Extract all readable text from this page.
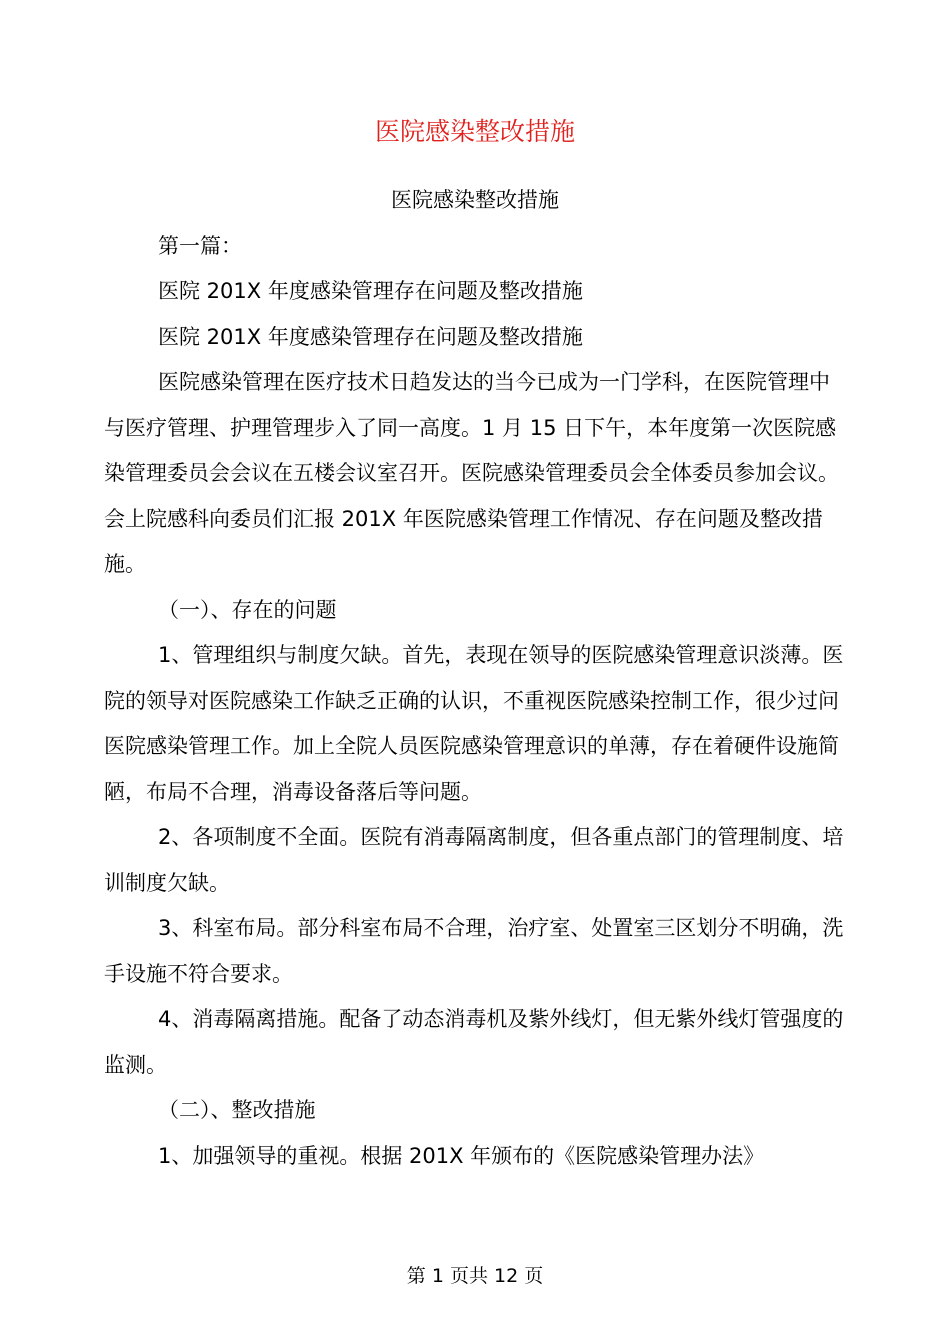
医院感染整改措施

医院感染整改措施

第一篇：

医院 201X 年度感染管理存在问题及整改措施

医院 201X 年度感染管理存在问题及整改措施

医院感染管理在医疗技术日趋发达的当今已成为一门学科，在医院管理中与医疗管理、护理管理步入了同一高度。1 月 15 日下午，本年度第一次医院感染管理委员会会议在五楼会议室召开。医院感染管理委员会全体委员参加会议。会上院感科向委员们汇报 201X 年医院感染管理工作情况、存在问题及整改措施。

（一）、存在的问题

1、管理组织与制度欠缺。首先，表现在领导的医院感染管理意识淡薄。医院的领导对医院感染工作缺乏正确的认识，不重视医院感染控制工作，很少过问医院感染管理工作。加上全院人员医院感染管理意识的单薄，存在着硬件设施简陋，布局不合理，消毒设备落后等问题。

2、各项制度不全面。医院有消毒隔离制度，但各重点部门的管理制度、培训制度欠缺。

3、科室布局。部分科室布局不合理，治疗室、处置室三区划分不明确，洗手设施不符合要求。

4、消毒隔离措施。配备了动态消毒机及紫外线灯，但无紫外线灯管强度的监测。

（二）、整改措施

1、加强领导的重视。根据 201X 年颁布的《医院感染管理办法》

第 1 页共 12 页
